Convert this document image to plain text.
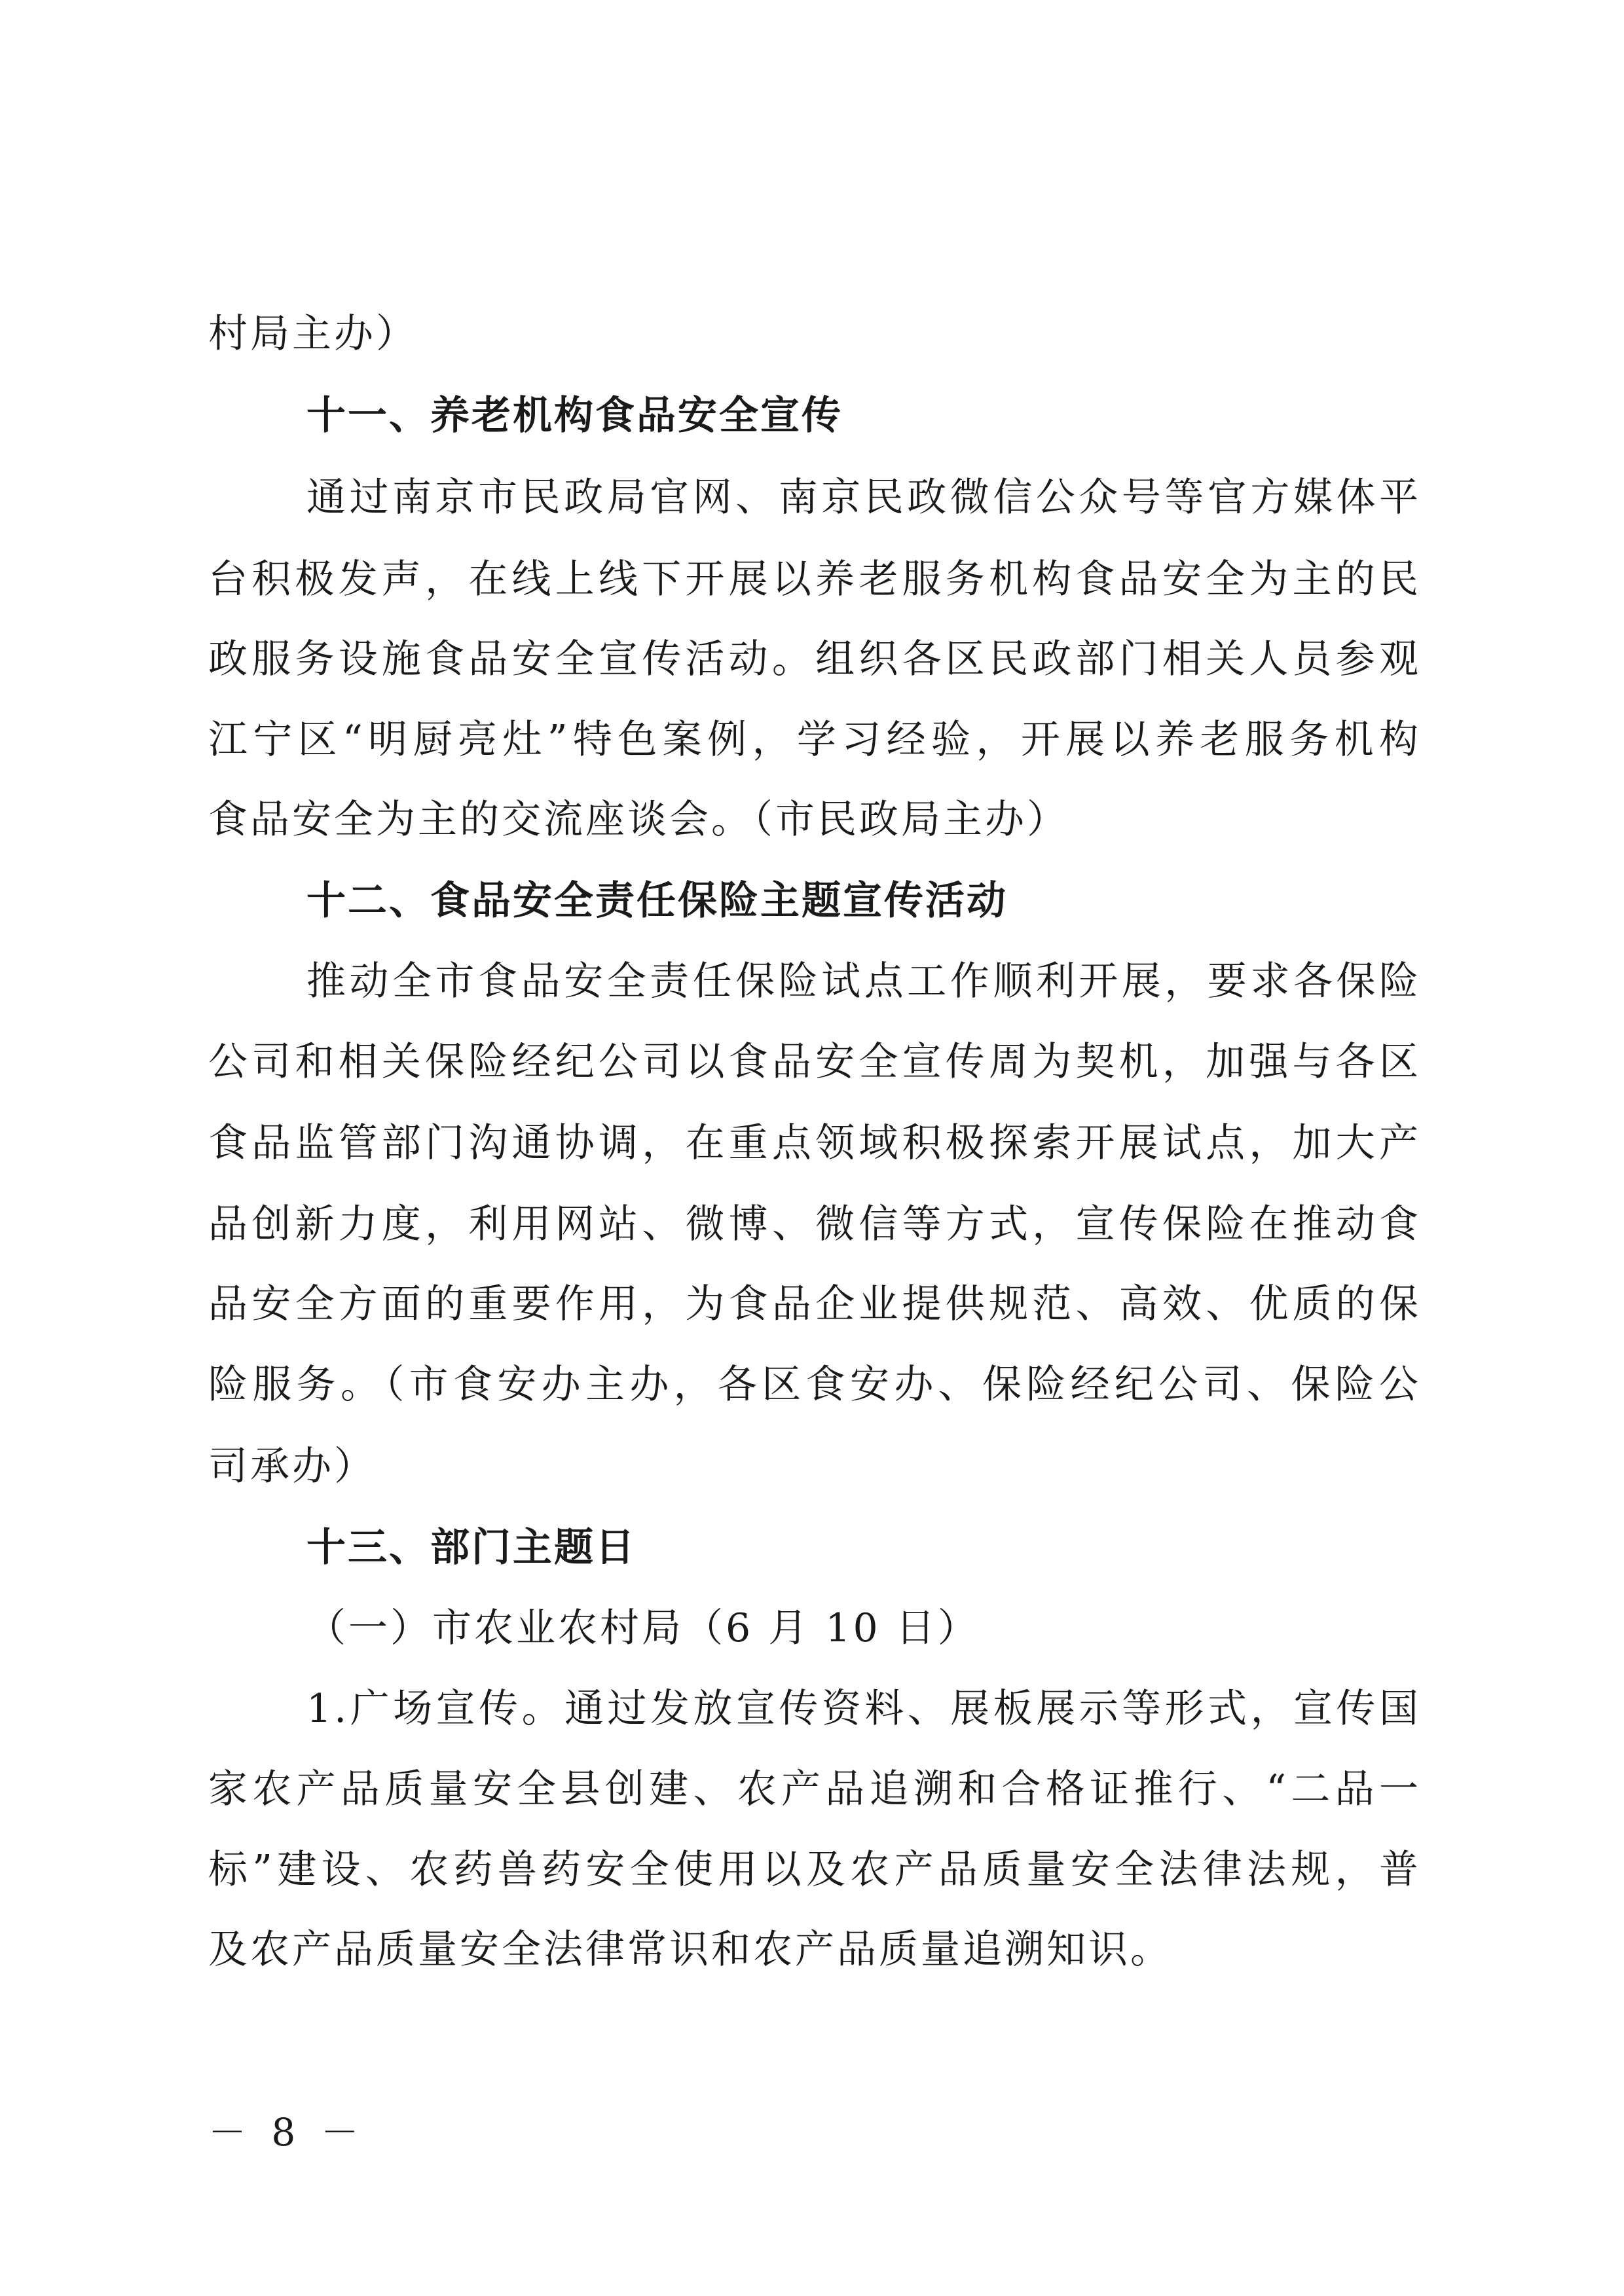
村局主办）
十一、养老机构食品安全宣传
通过南京市民政局官网、南京民政微信公众号等官方媒体平
台积极发声，在线上线下开展以养老服务机构食品安全为主的民
政服务设施食品安全宣传活动。组织各区民政部门相关人员参观
江宁区“明厨亮灶”特色案例，学习经验，开展以养老服务机构
食品安全为主的交流座谈会。（市民政局主办）
十二、食品安全责任保险主题宣传活动
推动全市食品安全责任保险试点工作顺利开展，要求各保险
公司和相关保险经纪公司以食品安全宣传周为契机，加强与各区
食品监管部门沟通协调，在重点领域积极探索开展试点，加大产
品创新力度，利用网站、微博、微信等方式，宣传保险在推动食
品安全方面的重要作用，为食品企业提供规范、高效、优质的保
险服务。（市食安办主办，各区食安办、保险经纪公司、保险公
司承办）
十三、部门主题日
（一）市农业农村局（6 月 10 日）
1.广场宣传。通过发放宣传资料、展板展示等形式，宣传国
家农产品质量安全县创建、农产品追溯和合格证推行、“二品一
标”建设、农药兽药安全使用以及农产品质量安全法律法规，普
及农产品质量安全法律常识和农产品质量追溯知识。
－ 8 －
